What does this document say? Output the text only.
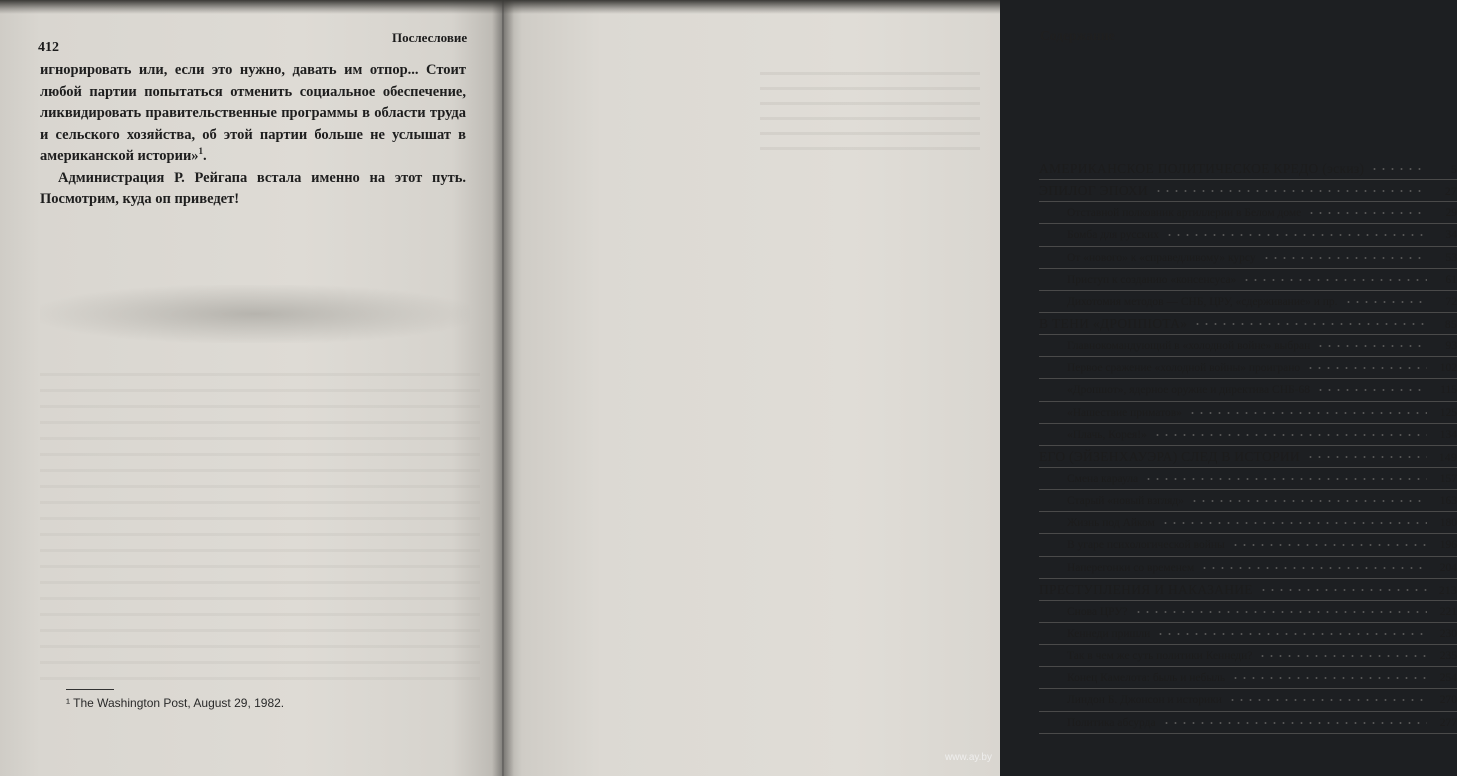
412
Послесловие

игнорировать или, если это нужно, давать им отпор... Стоит любой партии попытаться отменить социальное обеспечение, ликвидировать правительственные программы в области труда и сельского хозяйства, об этой партии больше не услышат в американской истории»$^1$.

Администрация Р. Рейгапа встала именно на этот путь. Посмотрим, куда оп приведет!

¹ The Washington Post, August 29, 1982.
Содержание
АМЕРИКАНСКОЕ ПОЛИТИЧЕСКОЕ КРЕДО (эскиз)	5
ЭПИЛОГ ЭПОХИ	27
Отставной полковник артиллерии в Белом доме	29
Бомба для русских	34
От «нового» к «справедливому» курсу	53
Приступ к созданию «консенсуса»	61
Дихотомия методов — СНБ, ЦРУ, «сдерживание» и пр.	72
В ТЕНИ «ДРОППІОТА»	85
Главнокомандующий в «холодной войне» выбран	93
Первое сражение «холодной войны» проиграно	102
«Дропшот», ядерное оружие и директива СНБ-68	115
«Нашествие приматов»	125
«Плачь, Корея!»	134
ЕГО (ЭЙЗЕНХАУЭРА) СЛЕД В ИСТОРИИ	149
Смена караула	157
Старый «новый взгляд»	163
Жизнь под Айком	180
В угаре психологической войны	196
Наперегонки со временем	204
ПРЕСТУПЛЕНИЯ И НАКАЗАНИЕ	213
Снова ЦРУ?	221
Кеннеди пришли	230
Так в чем же суть политики Кеннеди?	235
Конец Камелота: быль и небыль	254
Линдон Б. Джонсон и историки	270
Политика абсурда	277
www.ay.by
